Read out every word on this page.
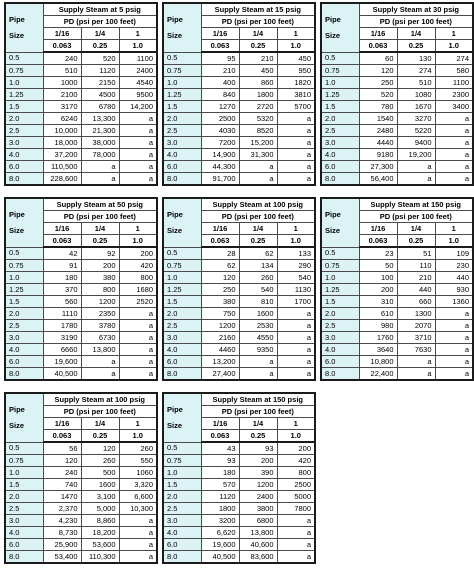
Pipe
Size	Supply Steam at 5 psig		
	PD (psi per 100 feet)		
	1/16	1/4	1
	0.063	0.25	1.0
0.5	240	520	1100
0.75	510	1120	2400
1.0	1000	2150	4540
1.25	2100	4500	9500
1.5	3170	6780	14,200
2.0	6240	13,300	a
2.5	10,000	21,300	a
3.0	18,000	38,000	a
4.0	37,200	78,000	a
6.0	110,500	a	a
8.0	228,600	a	a
Pipe
Size	Supply Steam at 15 psig		
	PD (psi per 100 feet)		
	1/16	1/4	1
	0.063	0.25	1.0
0.5	95	210	450
0.75	210	450	950
1.0	400	860	1820
1.25	840	1800	3810
1.5	1270	2720	5700
2.0	2500	5320	a
2.5	4030	8520	a
3.0	7200	15,200	a
4.0	14,900	31,300	a
6.0	44,300	a	a
8.0	91,700	a	a
Pipe
Size	Supply Steam at 30 psig		
	PD (psi per 100 feet)		
	1/16	1/4	1
	0.063	0.25	1.0
0.5	60	130	274
0.75	120	274	580
1.0	250	510	1100
1.25	520	1080	2300
1.5	780	1670	3400
2.0	1540	3270	a
2.5	2480	5220	a
3.0	4440	9400	a
4.0	9180	19,200	a
6.0	27,300	a	a
8.0	56,400	a	a
Pipe
Size	Supply Steam at 50 psig		
	PD (psi per 100 feet)		
	1/16	1/4	1
	0.063	0.25	1.0
0.5	42	92	200
0.75	91	200	420
1.0	180	380	800
1.25	370	800	1680
1.5	560	1200	2520
2.0	1110	2350	a
2.5	1780	3780	a
3.0	3190	6730	a
4.0	6660	13,800	a
6.0	19,600	a	a
8.0	40,500	a	a
Pipe
Size	Supply Steam at 100 psig		
	PD (psi per 100 feet)		
	1/16	1/4	1
	0.063	0.25	1.0
0.5	28	62	133
0.75	62	134	290
1.0	120	260	540
1.25	250	540	1130
1.5	380	810	1700
2.0	750	1600	a
2.5	1200	2530	a
3.0	2160	4550	a
4.0	4460	9350	a
6.0	13,200	a	a
8.0	27,400	a	a
Pipe
Size	Supply Steam at 150 psig		
	PD (psi per 100 feet)		
	1/16	1/4	1
	0.063	0.25	1.0
0.5	23	51	109
0.75	50	110	230
1.0	100	210	440
1.25	200	440	930
1.5	310	660	1360
2.0	610	1300	a
2.5	980	2070	a
3.0	1760	3710	a
4.0	3640	7630	a
6.0	10,800	a	a
8.0	22,400	a	a
Pipe
Size	Supply Steam at 100 psig		
	PD (psi per 100 feet)		
	1/16	1/4	1
	0.063	0.25	1.0
0.5	56	120	260
0.75	120	260	550
1.0	240	500	1060
1.5	740	1600	3,320
2.0	1470	3,100	6,600
2.5	2,370	5,000	10,300
3.0	4,230	8,860	a
4.0	8,730	18,200	a
6.0	25,900	53,600	a
8.0	53,400	110,300	a
Pipe
Size	Supply Steam at 150 psig		
	PD (psi per 100 feet)		
	1/16	1/4	1
	0.063	0.25	1.0
0.5	43	93	200
0.75	93	200	420
1.0	180	390	800
1.5	570	1200	2500
2.0	1120	2400	5000
2.5	1800	3800	7800
3.0	3200	6800	a
4.0	6,620	13,800	a
6.0	19,600	40,600	a
8.0	40,500	83,600	a
